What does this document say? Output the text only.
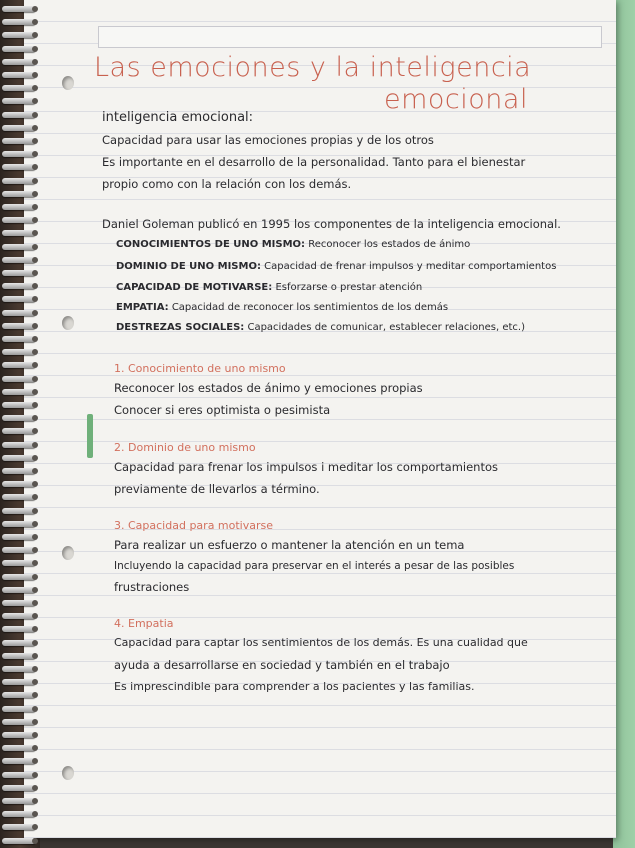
Las emociones y la inteligencia
emocional
inteligencia emocional:
Capacidad para usar las emociones propias y de los otros
Es importante en el desarrollo de la personalidad. Tanto para el bienestar
propio como con la relación con los demás.
Daniel Goleman publicó en 1995 los componentes de la inteligencia emocional.
CONOCIMIENTOS DE UNO MISMO: Reconocer los estados de ánimo
DOMINIO DE UNO MISMO: Capacidad de frenar impulsos y meditar comportamientos
CAPACIDAD DE MOTIVARSE: Esforzarse o prestar atención
EMPATIA: Capacidad de reconocer los sentimientos de los demás
DESTREZAS SOCIALES: Capacidades de comunicar, establecer relaciones, etc.)
1. Conocimiento de uno mismo
Reconocer los estados de ánimo y emociones propias
Conocer si eres optimista o pesimista
2. Dominio de uno mismo
Capacidad para frenar los impulsos i meditar los comportamientos
previamente de llevarlos a término.
3. Capacidad para motivarse
Para realizar un esfuerzo o mantener la atención en un tema
Incluyendo la capacidad para preservar en el interés a pesar de las posibles
frustraciones
4. Empatia
Capacidad para captar los sentimientos de los demás. Es una cualidad que
ayuda a desarrollarse en sociedad y también en el trabajo
Es imprescindible para comprender a los pacientes y las familias.
